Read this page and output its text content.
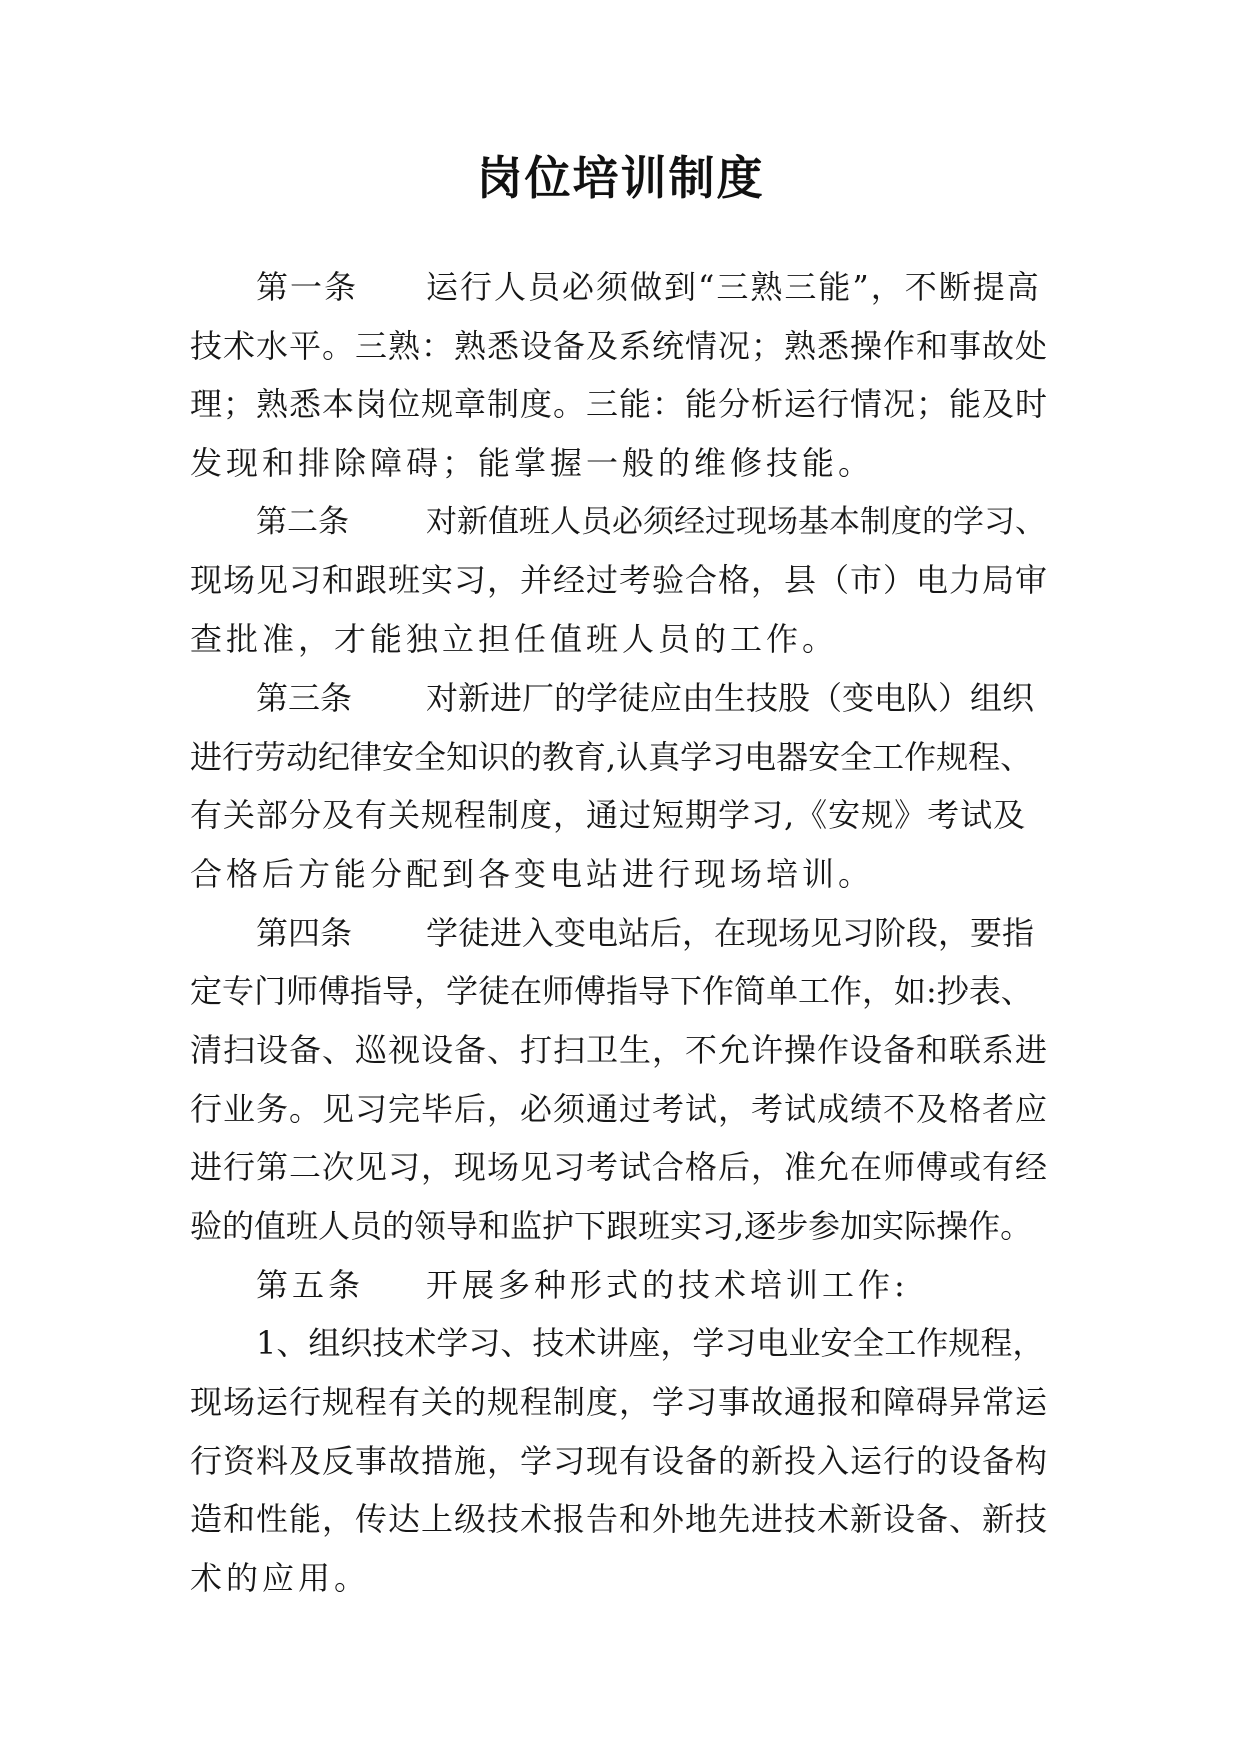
岗位培训制度
第一条 运行人员必须做到“三熟三能”，不断提高
技术水平。三熟：熟悉设备及系统情况；熟悉操作和事故处
理；熟悉本岗位规章制度。三能：能分析运行情况；能及时
发现和排除障碍；能掌握一般的维修技能。
第二条 对新值班人员必须经过现场基本制度的学习、
现场见习和跟班实习，并经过考验合格，县（市）电力局审
查批准，才能独立担任值班人员的工作。
第三条 对新进厂的学徒应由生技股（变电队）组织
进行劳动纪律安全知识的教育,认真学习电器安全工作规程、
有关部分及有关规程制度，通过短期学习,《安规》考试及
合格后方能分配到各变电站进行现场培训。
第四条 学徒进入变电站后，在现场见习阶段，要指
定专门师傅指导，学徒在师傅指导下作简单工作，如:抄表、
清扫设备、巡视设备、打扫卫生，不允许操作设备和联系进
行业务。见习完毕后，必须通过考试，考试成绩不及格者应
进行第二次见习，现场见习考试合格后，准允在师傅或有经
验的值班人员的领导和监护下跟班实习,逐步参加实际操作。
第五条 开展多种形式的技术培训工作:
1、组织技术学习、技术讲座，学习电业安全工作规程，
现场运行规程有关的规程制度，学习事故通报和障碍异常运
行资料及反事故措施，学习现有设备的新投入运行的设备构
造和性能，传达上级技术报告和外地先进技术新设备、新技
术的应用。
